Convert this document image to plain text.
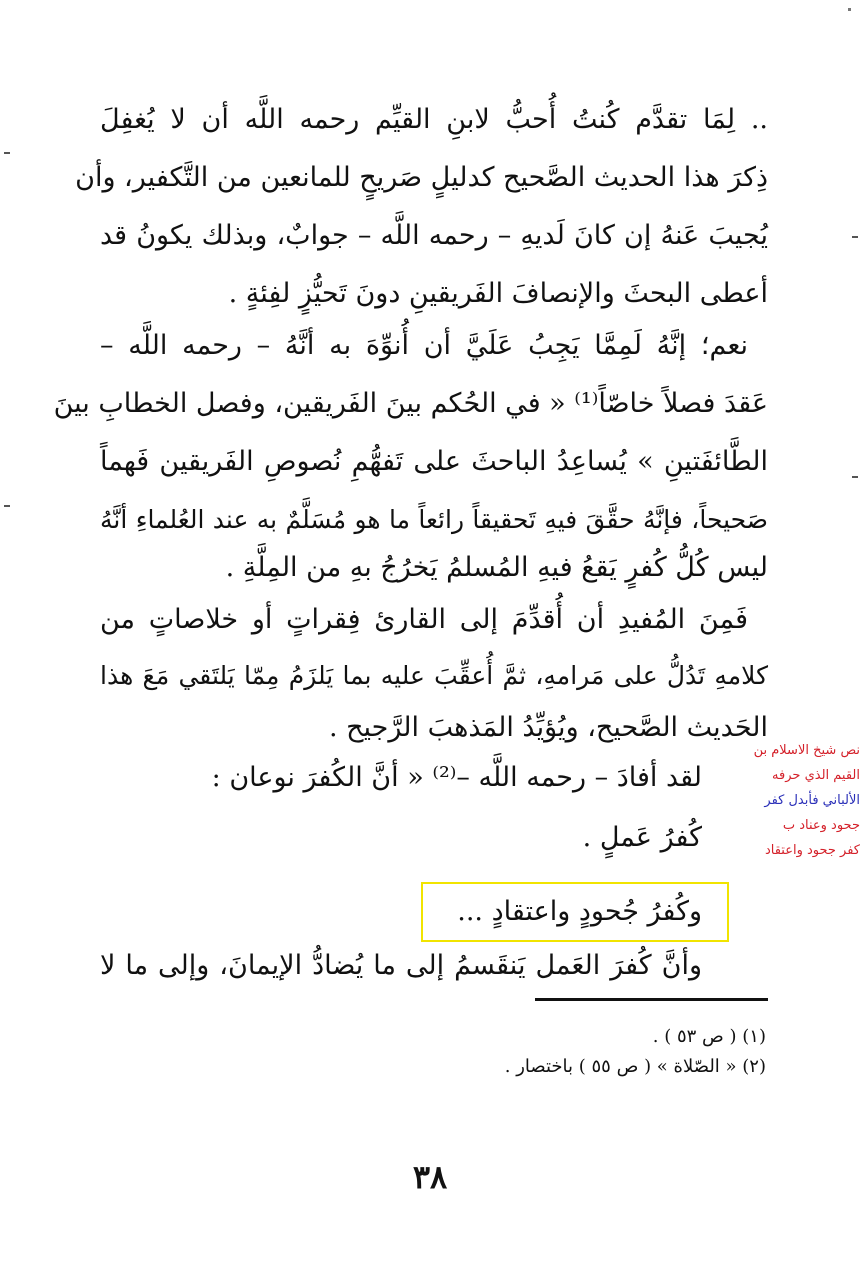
.. لِمَا تقدَّم كُنتُ أُحبُّ لابنِ القيِّم رحمه اللَّه أن لا يُغفِلَ
ذِكرَ هذا الحديث الصَّحيح كدليلٍ صَريحٍ للمانعين من التَّكفير، وأن
يُجيبَ عَنهُ إن كانَ لَديهِ – رحمه اللَّه – جوابٌ، وبذلك يكونُ قد
أعطى البحثَ والإنصافَ الفَريقينِ دونَ تَحيُّزٍ لفِئةٍ .
نعم؛ إنَّهُ لَمِمَّا يَجِبُ عَلَيَّ أن أُنوِّهَ به أنَّهُ – رحمه اللَّه –
عَقدَ فصلاً خاصّاً⁽¹⁾ « في الحُكم بينَ الفَريقين، وفصل الخطابِ بينَ
الطَّائفَتينِ » يُساعِدُ الباحثَ على تَفهُّمِ نُصوصِ الفَريقين فَهماً
صَحيحاً، فإنَّهُ حقَّقَ فيهِ تَحقيقاً رائعاً ما هو مُسَلَّمٌ به عند العُلماءِ أنَّهُ
ليس كُلُّ كُفرٍ يَقعُ فيهِ المُسلمُ يَخرُجُ بهِ من المِلَّةِ .
فَمِنَ المُفيدِ أن أُقدِّمَ إلى القارئ فِقراتٍ أو خلاصاتٍ من
كلامهِ تَدُلُّ على مَرامهِ، ثمَّ أُعقِّبَ عليه بما يَلزَمُ مِمّا يَلتَقي مَعَ هذا
الحَديث الصَّحيح، ويُؤيِّدُ المَذهبَ الرَّجيح .
لقد أفادَ – رحمه اللَّه –⁽²⁾ « أنَّ الكُفرَ نوعان :
كُفرُ عَملٍ .
وكُفرُ جُحودٍ واعتقادٍ ...
وأنَّ كُفرَ العَمل يَنقَسمُ إلى ما يُضادُّ الإيمانَ، وإلى ما لا
نص شيخ الاسلام بن
القيم الذي حرفه
الألباني فأبدل كفر
جحود وعناد ب
كفر جحود واعتقاد
(١) ( ص ٥٣ ) .
(٢) « الصّلاة » ( ص ٥٥ ) باختصار .
٣٨
